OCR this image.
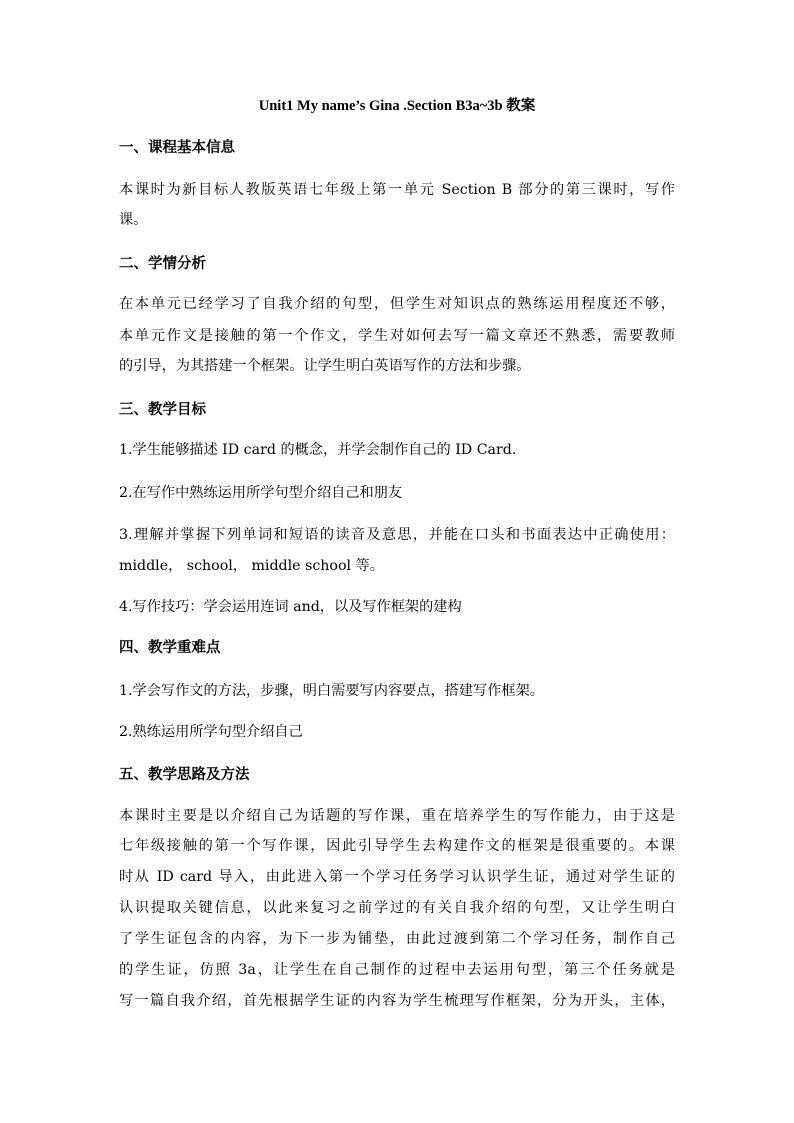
Unit1 My name’s Gina .Section B3a~3b 教案
一、课程基本信息
本课时为新目标人教版英语七年级上第一单元 Section B 部分的第三课时，写作
课。
二、学情分析
在本单元已经学习了自我介绍的句型，但学生对知识点的熟练运用程度还不够，
本单元作文是接触的第一个作文，学生对如何去写一篇文章还不熟悉，需要教师
的引导，为其搭建一个框架。让学生明白英语写作的方法和步骤。
三、教学目标
1.学生能够描述 ID card 的概念，并学会制作自己的 ID Card.
2.在写作中熟练运用所学句型介绍自己和朋友
3.理解并掌握下列单词和短语的读音及意思，并能在口头和书面表达中正确使用：
middle， school， middle school 等。
4.写作技巧：学会运用连词 and，以及写作框架的建构
四、教学重难点
1.学会写作文的方法，步骤，明白需要写内容要点，搭建写作框架。
2.熟练运用所学句型介绍自己
五、教学思路及方法
本课时主要是以介绍自己为话题的写作课，重在培养学生的写作能力，由于这是
七年级接触的第一个写作课，因此引导学生去构建作文的框架是很重要的。本课
时从 ID card 导入，由此进入第一个学习任务学习认识学生证，通过对学生证的
认识提取关键信息，以此来复习之前学过的有关自我介绍的句型，又让学生明白
了学生证包含的内容，为下一步为铺垫，由此过渡到第二个学习任务，制作自己
的学生证，仿照 3a，让学生在自己制作的过程中去运用句型，第三个任务就是
写一篇自我介绍，首先根据学生证的内容为学生梳理写作框架，分为开头，主体，
